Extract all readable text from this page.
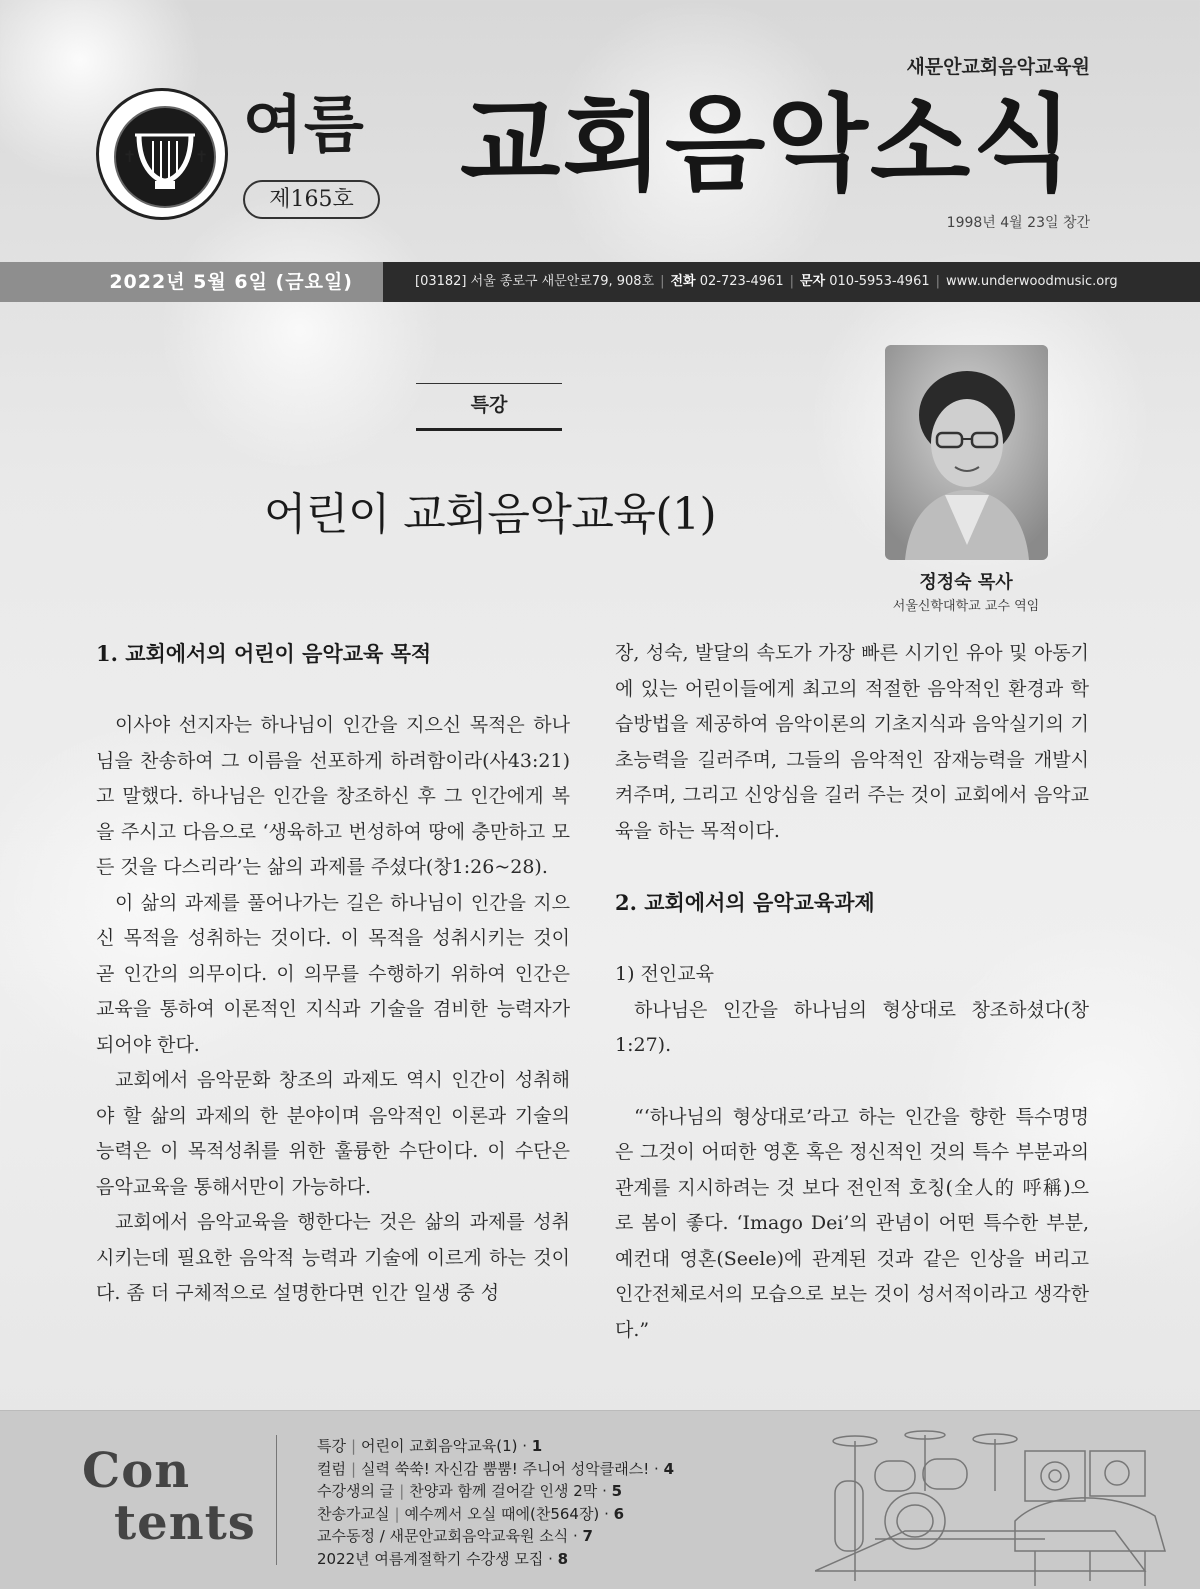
새문안교회음악교육원
✝	✝ 여름
제165호 교회음악소식
1998년 4월 23일 창간
2022년 5월 6일 (금요일)	[03182] 서울 종로구 새문안로79, 908호 | 전화 02-723-4961 | 문자 010-5953-4961 | www.underwoodmusic.org
특강
어린이 교회음악교육(1)
정정숙 목사
서울신학대학교 교수 역임
1. 교회에서의 어린이 음악교육 목적

이사야 선지자는 하나님이 인간을 지으신 목적은 하나님을 찬송하여 그 이름을 선포하게 하려함이라(사43:21)고 말했다. 하나님은 인간을 창조하신 후 그 인간에게 복을 주시고 다음으로 ‘생육하고 번성하여 땅에 충만하고 모든 것을 다스리라’는 삶의 과제를 주셨다(창1:26~28).

이 삶의 과제를 풀어나가는 길은 하나님이 인간을 지으신 목적을 성취하는 것이다. 이 목적을 성취시키는 것이 곧 인간의 의무이다. 이 의무를 수행하기 위하여 인간은 교육을 통하여 이론적인 지식과 기술을 겸비한 능력자가 되어야 한다.

교회에서 음악문화 창조의 과제도 역시 인간이 성취해야 할 삶의 과제의 한 분야이며 음악적인 이론과 기술의 능력은 이 목적성취를 위한 훌륭한 수단이다. 이 수단은 음악교육을 통해서만이 가능하다.

교회에서 음악교육을 행한다는 것은 삶의 과제를 성취시키는데 필요한 음악적 능력과 기술에 이르게 하는 것이다. 좀 더 구체적으로 설명한다면 인간 일생 중 성

장, 성숙, 발달의 속도가 가장 빠른 시기인 유아 및 아동기에 있는 어린이들에게 최고의 적절한 음악적인 환경과 학습방법을 제공하여 음악이론의 기초지식과 음악실기의 기초능력을 길러주며, 그들의 음악적인 잠재능력을 개발시켜주며, 그리고 신앙심을 길러 주는 것이 교회에서 음악교육을 하는 목적이다.

2. 교회에서의 음악교육과제

1) 전인교육

하나님은 인간을 하나님의 형상대로 창조하셨다(창1:27).

“‘하나님의 형상대로’라고 하는 인간을 향한 특수명명은 그것이 어떠한 영혼 혹은 정신적인 것의 특수 부분과의 관계를 지시하려는 것 보다 전인적 호칭(全人的 呼稱)으로 봄이 좋다. ‘Imago Dei’의 관념이 어떤 특수한 부분, 예컨대 영혼(Seele)에 관계된 것과 같은 인상을 버리고 인간전체로서의 모습으로 보는 것이 성서적이라고 생각한다.”

Con
tents
특강 | 어린이 교회음악교육(1) · 1
컬럼 | 실력 쑥쑥! 자신감 뿜뿜! 주니어 성악클래스! · 4
수강생의 글 | 찬양과 함께 걸어갈 인생 2막 · 5
찬송가교실 | 예수께서 오실 때에(찬564장) · 6
교수동정 / 새문안교회음악교육원 소식 · 7
2022년 여름계절학기 수강생 모집 · 8
